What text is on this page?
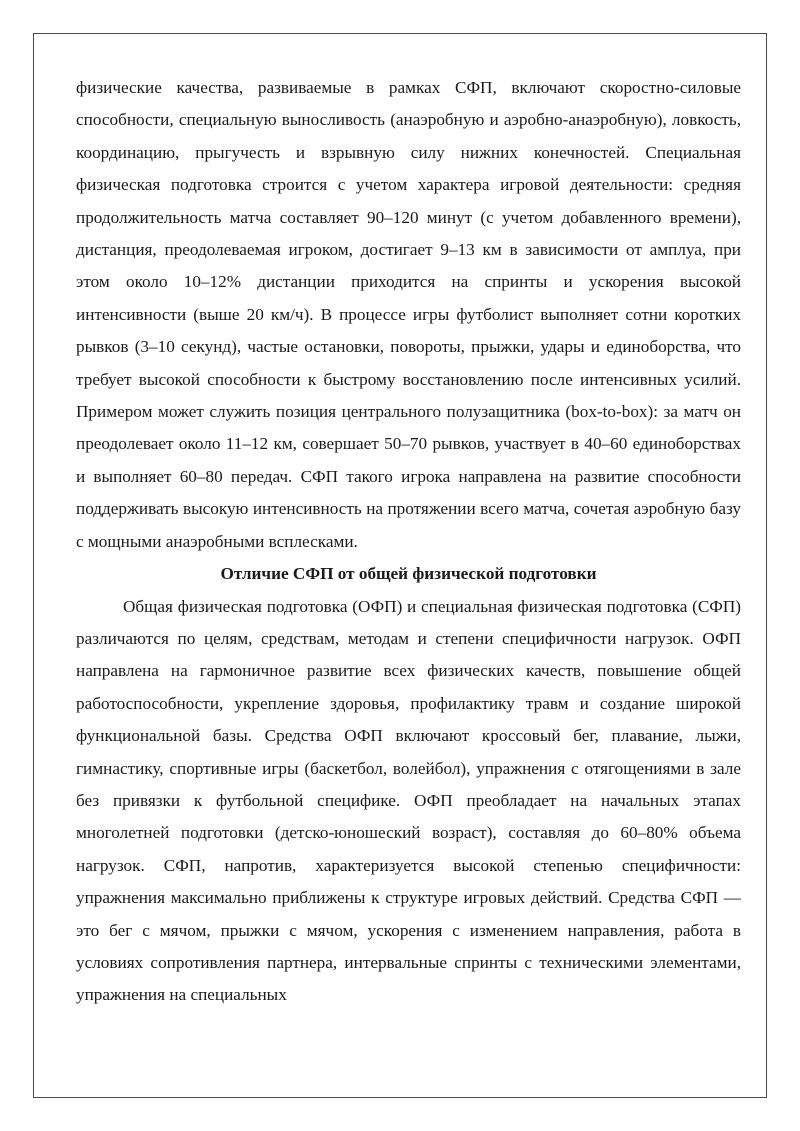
физические качества, развиваемые в рамках СФП, включают скоростно-силовые способности, специальную выносливость (анаэробную и аэробно-анаэробную), ловкость, координацию, прыгучесть и взрывную силу нижних конечностей. Специальная физическая подготовка строится с учетом характера игровой деятельности: средняя продолжительность матча составляет 90–120 минут (с учетом добавленного времени), дистанция, преодолеваемая игроком, достигает 9–13 км в зависимости от амплуа, при этом около 10–12% дистанции приходится на спринты и ускорения высокой интенсивности (выше 20 км/ч). В процессе игры футболист выполняет сотни коротких рывков (3–10 секунд), частые остановки, повороты, прыжки, удары и единоборства, что требует высокой способности к быстрому восстановлению после интенсивных усилий. Примером может служить позиция центрального полузащитника (box-to-box): за матч он преодолевает около 11–12 км, совершает 50–70 рывков, участвует в 40–60 единоборствах и выполняет 60–80 передач. СФП такого игрока направлена на развитие способности поддерживать высокую интенсивность на протяжении всего матча, сочетая аэробную базу с мощными анаэробными всплесками.

Отличие СФП от общей физической подготовки

Общая физическая подготовка (ОФП) и специальная физическая подготовка (СФП) различаются по целям, средствам, методам и степени специфичности нагрузок. ОФП направлена на гармоничное развитие всех физических качеств, повышение общей работоспособности, укрепление здоровья, профилактику травм и создание широкой функциональной базы. Средства ОФП включают кроссовый бег, плавание, лыжи, гимнастику, спортивные игры (баскетбол, волейбол), упражнения с отягощениями в зале без привязки к футбольной специфике. ОФП преобладает на начальных этапах многолетней подготовки (детско-юношеский возраст), составляя до 60–80% объема нагрузок. СФП, напротив, характеризуется высокой степенью специфичности: упражнения максимально приближены к структуре игровых действий. Средства СФП — это бег с мячом, прыжки с мячом, ускорения с изменением направления, работа в условиях сопротивления партнера, интервальные спринты с техническими элементами, упражнения на специальных
